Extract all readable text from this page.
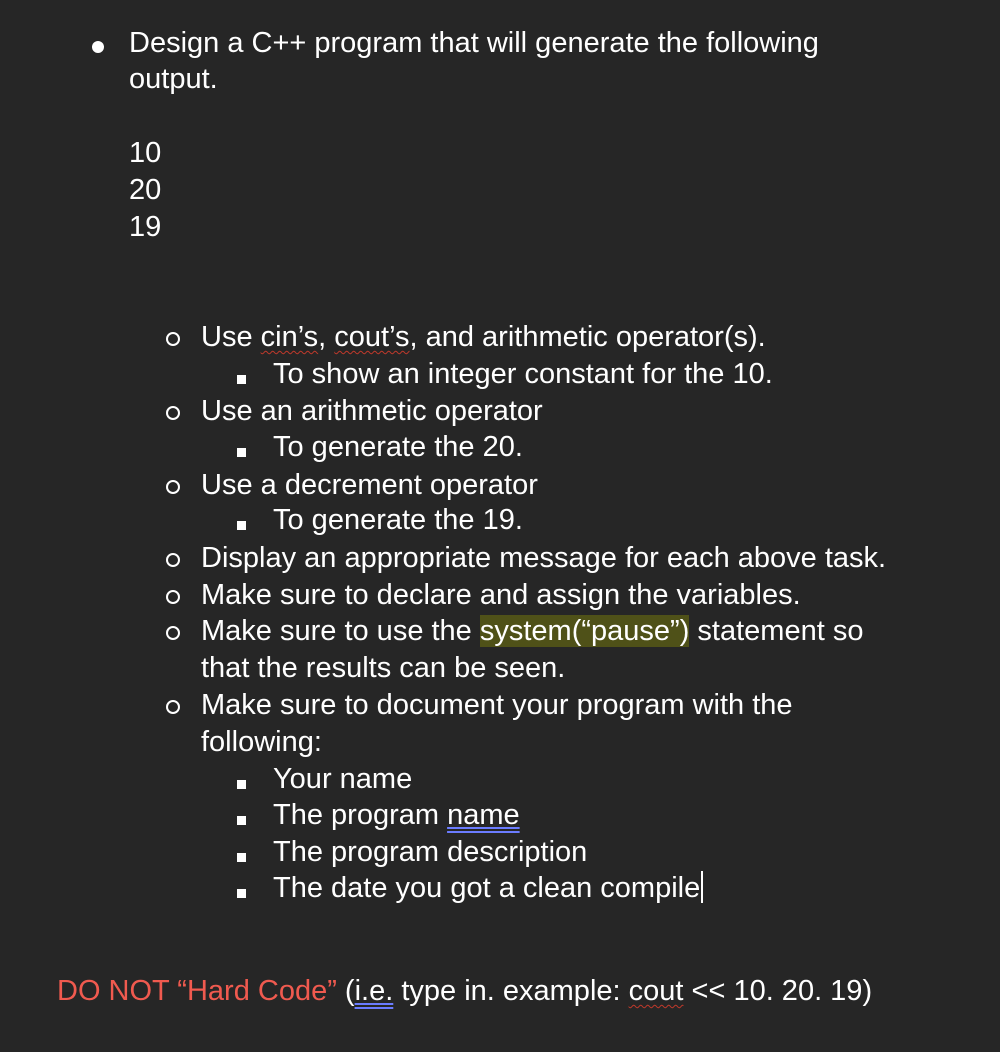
Design a C++ program that will generate the following
output.
10
20
19
Use cin’s, cout’s, and arithmetic operator(s).
To show an integer constant for the 10.
Use an arithmetic operator
To generate the 20.
Use a decrement operator
To generate the 19.
Display an appropriate message for each above task.
Make sure to declare and assign the variables.
Make sure to use the system(“pause”) statement so
that the results can be seen.
Make sure to document your program with the
following:
Your name
The program name
The program description
The date you got a clean compile
DO NOT “Hard Code” (i.e. type in. example: cout << 10. 20. 19)
